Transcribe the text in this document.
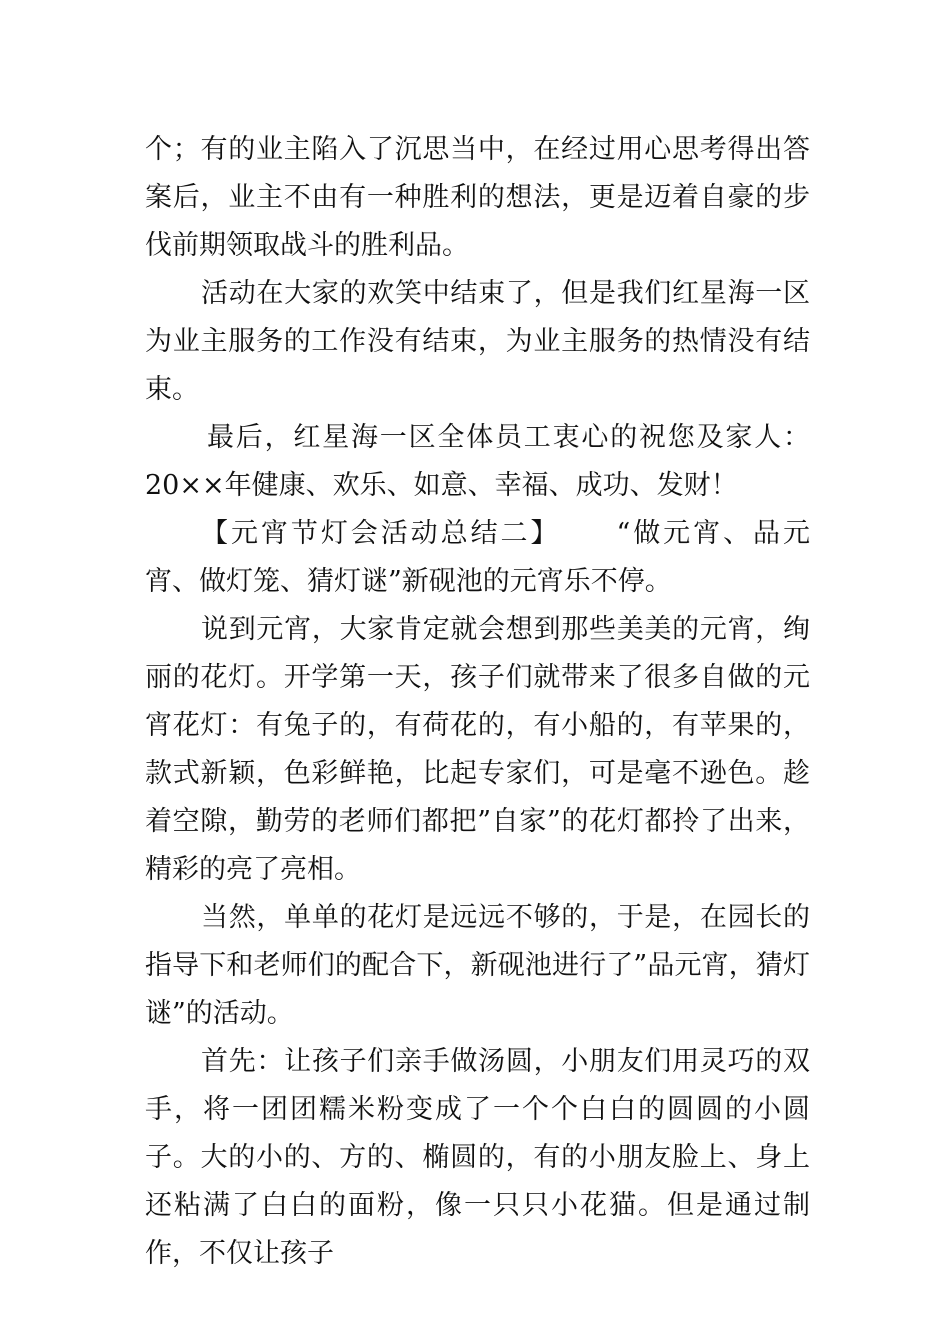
个；有的业主陷入了沉思当中，在经过用心思考得出答案后，业主不由有一种胜利的想法，更是迈着自豪的步伐前期领取战斗的胜利品。

活动在大家的欢笑中结束了，但是我们红星海一区为业主服务的工作没有结束，为业主服务的热情没有结束。

最后，红星海一区全体员工衷心的祝您及家人：20××年健康、欢乐、如意、幸福、成功、发财！

【元宵节灯会活动总结二】 “做元宵、品元宵、做灯笼、猜灯谜”新砚池的元宵乐不停。

说到元宵，大家肯定就会想到那些美美的元宵，绚丽的花灯。开学第一天，孩子们就带来了很多自做的元宵花灯：有兔子的，有荷花的，有小船的，有苹果的，款式新颖，色彩鲜艳，比起专家们，可是毫不逊色。趁着空隙，勤劳的老师们都把”自家”的花灯都拎了出来，精彩的亮了亮相。

当然，单单的花灯是远远不够的，于是，在园长的指导下和老师们的配合下，新砚池进行了”品元宵，猜灯谜”的活动。

首先：让孩子们亲手做汤圆，小朋友们用灵巧的双手，将一团团糯米粉变成了一个个白白的圆圆的小圆子。大的小的、方的、椭圆的，有的小朋友脸上、身上还粘满了白白的面粉，像一只只小花猫。但是通过制作，不仅让孩子
